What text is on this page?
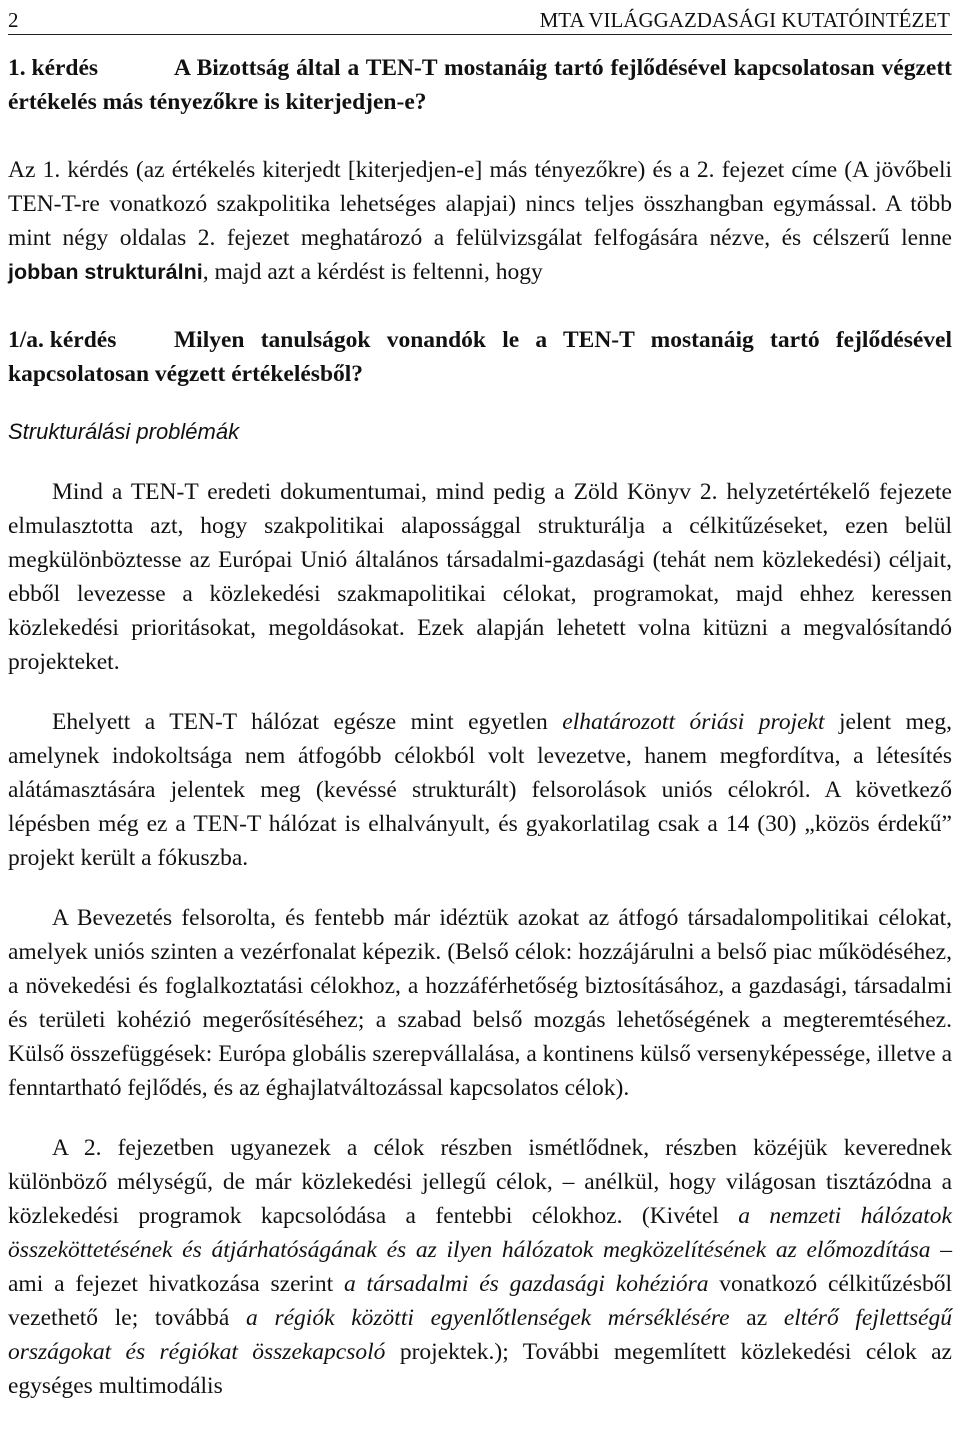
2	MTA VILÁGGAZDASÁGI KUTATÓINTÉZET
1. kérdés	A Bizottság által a TEN-T mostanáig tartó fejlődésével kapcsolatosan végzett értékelés más tényezőkre is kiterjedjen-e?

Az 1. kérdés (az értékelés kiterjedt [kiterjedjen-e] más tényezőkre) és a 2. fejezet címe (A jövőbeli TEN-T-re vonatkozó szakpolitika lehetséges alapjai) nincs teljes összhangban egymással. A több mint négy oldalas 2. fejezet meghatározó a felülvizsgálat felfogására nézve, és célszerű lenne jobban strukturálni, majd azt a kérdést is feltenni, hogy

1/a. kérdés Milyen tanulságok vonandók le a TEN-T mostanáig tartó fejlődésével kapcsolatosan végzett értékelésből?
Strukturálási problémák

Mind a TEN-T eredeti dokumentumai, mind pedig a Zöld Könyv 2. helyzetértékelő fejezete elmulasztotta azt, hogy szakpolitikai alapossággal strukturálja a célkitűzéseket, ezen belül megkülönböztesse az Európai Unió általános társadalmi-gazdasági (tehát nem közlekedési) céljait, ebből levezesse a közlekedési szakmapolitikai célokat, programokat, majd ehhez keressen közlekedési prioritásokat, megoldásokat. Ezek alapján lehetett volna kitüzni a megvalósítandó projekteket.

Ehelyett a TEN-T hálózat egésze mint egyetlen elhatározott óriási projekt jelent meg, amelynek indokoltsága nem átfogóbb célokból volt levezetve, hanem megfordítva, a létesítés alátámasztására jelentek meg (kevéssé strukturált) felsorolások uniós célokról. A következő lépésben még ez a TEN-T hálózat is elhalványult, és gyakorlatilag csak a 14 (30) „közös érdekű” projekt került a fókuszba.

A Bevezetés felsorolta, és fentebb már idéztük azokat az átfogó társadalompolitikai célokat, amelyek uniós szinten a vezérfonalat képezik. (Belső célok: hozzájárulni a belső piac működéséhez, a növekedési és foglalkoztatási célokhoz, a hozzáférhetőség biztosításához, a gazdasági, társadalmi és területi kohézió megerősítéséhez; a szabad belső mozgás lehetőségének a megteremtéséhez. Külső összefüggések: Európa globális szerepvállalása, a kontinens külső versenyképessége, illetve a fenntartható fejlődés, és az éghajlatváltozással kapcsolatos célok).

A 2. fejezetben ugyanezek a célok részben ismétlődnek, részben közéjük keverednek különböző mélységű, de már közlekedési jellegű célok, – anélkül, hogy világosan tisztázódna a közlekedési programok kapcsolódása a fentebbi célokhoz. (Kivétel a nemzeti hálózatok összeköttetésének és átjárhatóságának és az ilyen hálózatok megközelítésének az előmozdítása – ami a fejezet hivatkozása szerint a társadalmi és gazdasági kohézióra vonatkozó célkitűzésből vezethető le; továbbá a régiók közötti egyenlőtlenségek mérséklésére az eltérő fejlettségű országokat és régiókat összekapcsoló projektek.); További megemlített közlekedési célok az egységes multimodális
